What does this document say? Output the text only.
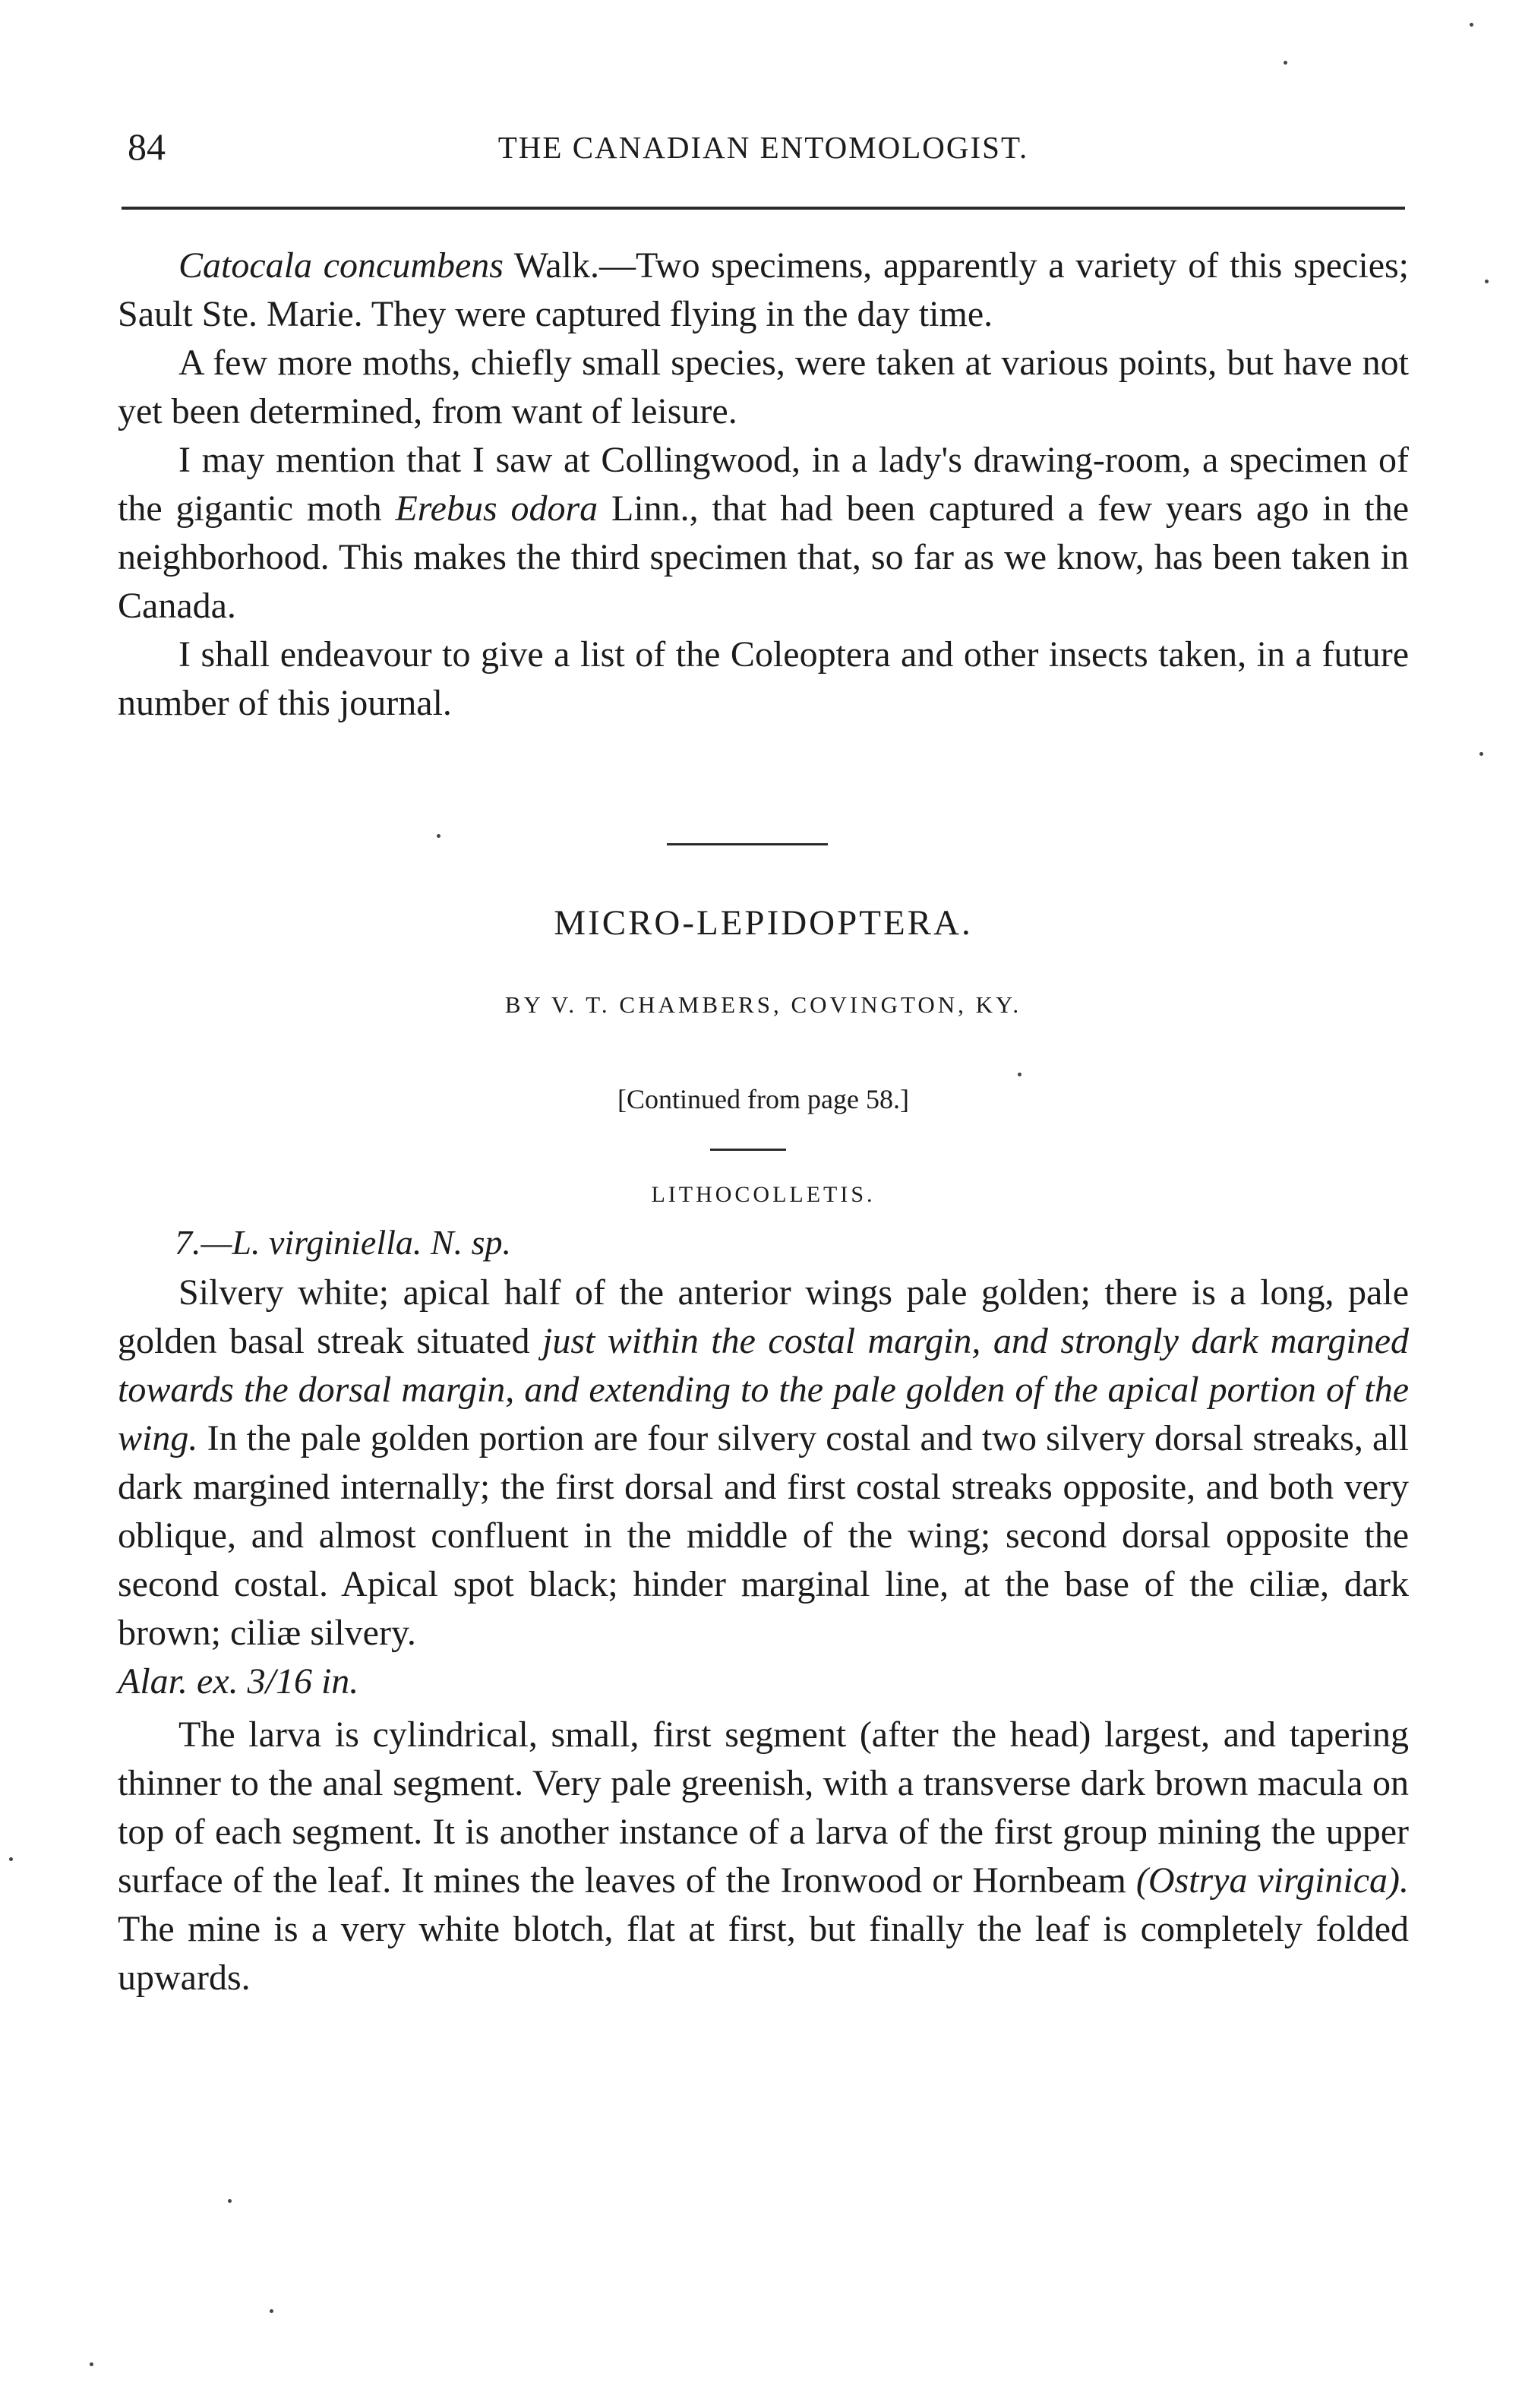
84	THE CANADIAN ENTOMOLOGIST.

Catocala concumbens Walk.—Two specimens, apparently a variety of this species; Sault Ste. Marie. They were captured flying in the day time.

A few more moths, chiefly small species, were taken at various points, but have not yet been determined, from want of leisure.

I may mention that I saw at Collingwood, in a lady's drawing-room, a specimen of the gigantic moth Erebus odora Linn., that had been captured a few years ago in the neighborhood. This makes the third specimen that, so far as we know, has been taken in Canada.

I shall endeavour to give a list of the Coleoptera and other insects taken, in a future number of this journal.

MICRO-LEPIDOPTERA.
BY V. T. CHAMBERS, COVINGTON, KY.
[Continued from page 58.]
LITHOCOLLETIS.
7.—L. virginiella. N. sp.

Silvery white; apical half of the anterior wings pale golden; there is a long, pale golden basal streak situated just within the costal margin, and strongly dark margined towards the dorsal margin, and extending to the pale golden of the apical portion of the wing. In the pale golden portion are four silvery costal and two silvery dorsal streaks, all dark margined internally; the first dorsal and first costal streaks opposite, and both very oblique, and almost confluent in the middle of the wing; second dorsal opposite the second costal. Apical spot black; hinder marginal line, at the base of the ciliæ, dark brown; ciliæ silvery.

Alar. ex. 3/16 in.

The larva is cylindrical, small, first segment (after the head) largest, and tapering thinner to the anal segment. Very pale greenish, with a transverse dark brown macula on top of each segment. It is another instance of a larva of the first group mining the upper surface of the leaf. It mines the leaves of the Ironwood or Hornbeam (Ostrya virginica). The mine is a very white blotch, flat at first, but finally the leaf is completely folded upwards.
